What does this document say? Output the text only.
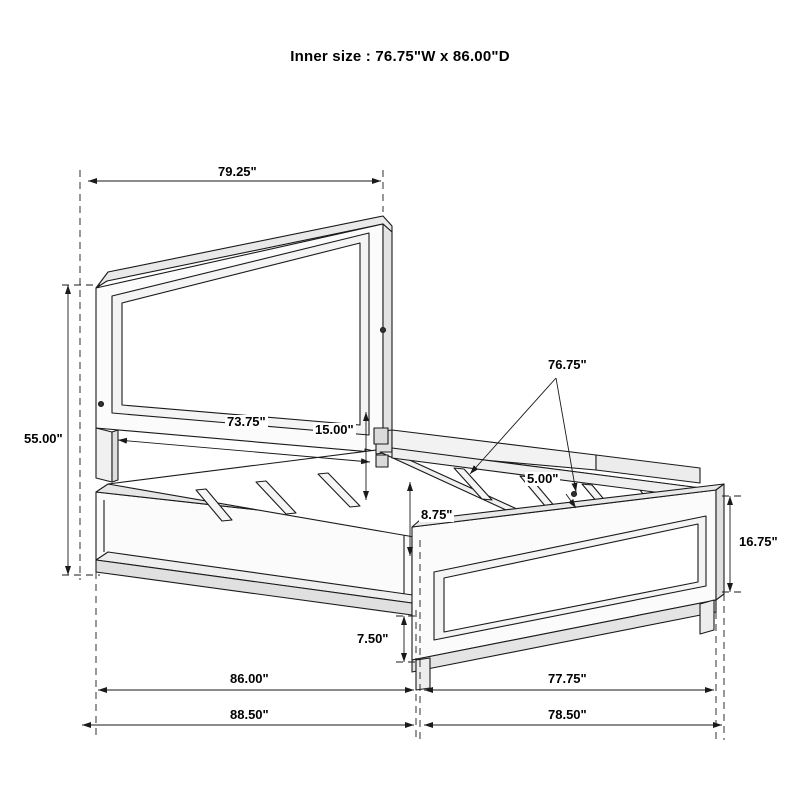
Inner size : 76.75"W x 86.00"D
79.25"
55.00"
73.75"
15.00"
76.75"
5.00"
8.75"
16.75"
7.50"
86.00"	77.75"
88.50"	78.50"
